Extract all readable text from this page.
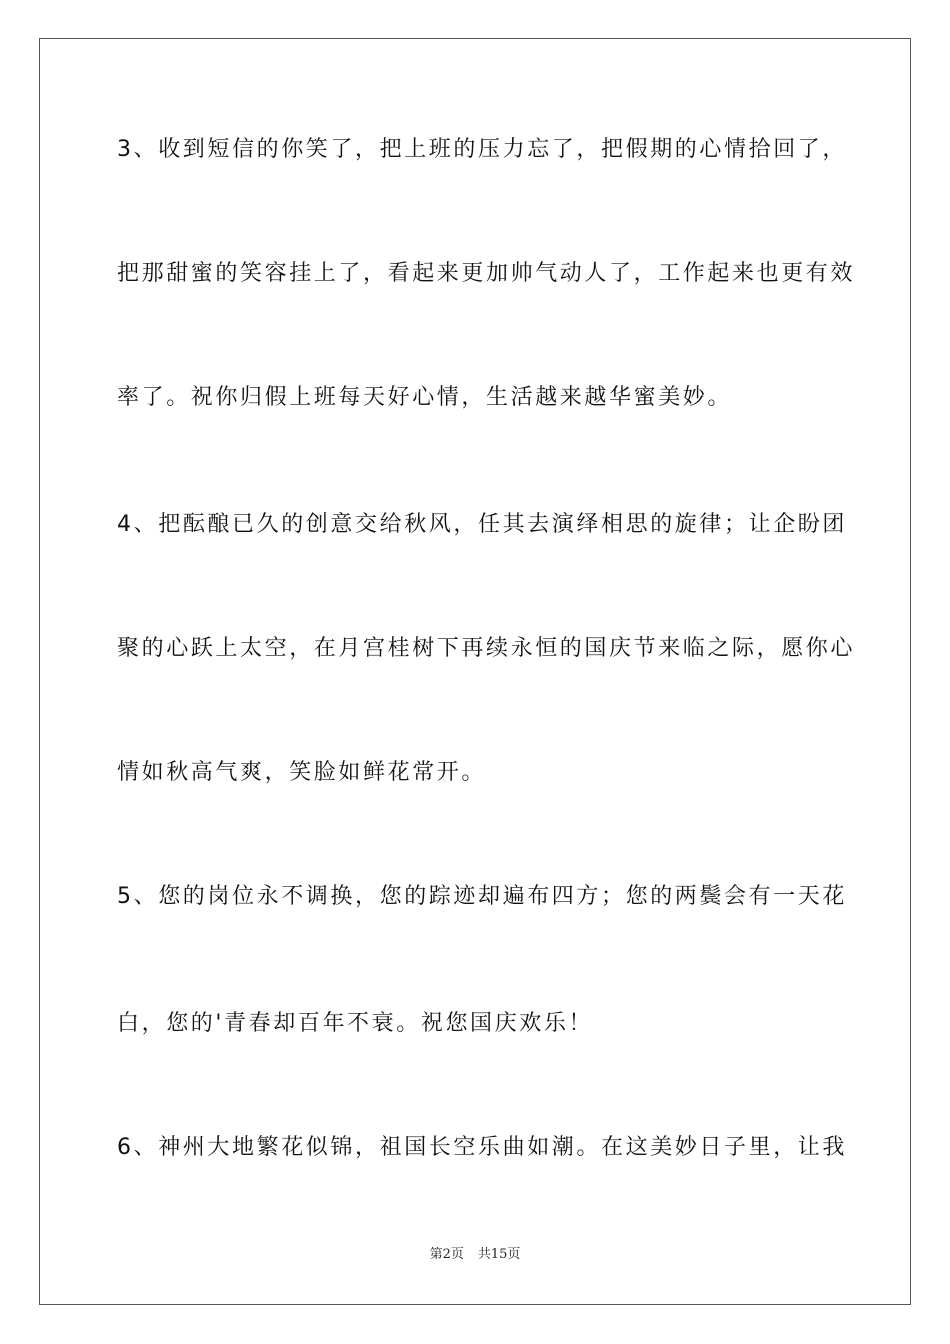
3、收到短信的你笑了，把上班的压力忘了，把假期的心情拾回了，
把那甜蜜的笑容挂上了，看起来更加帅气动人了，工作起来也更有效
率了。祝你归假上班每天好心情，生活越来越华蜜美妙。
4、把酝酿已久的创意交给秋风，任其去演绎相思的旋律；让企盼团
聚的心跃上太空，在月宫桂树下再续永恒的国庆节来临之际，愿你心
情如秋高气爽，笑脸如鲜花常开。
5、您的岗位永不调换，您的踪迹却遍布四方；您的两鬓会有一天花
白，您的'青春却百年不衰。祝您国庆欢乐！
6、神州大地繁花似锦，祖国长空乐曲如潮。在这美妙日子里，让我
第2页 共15页
